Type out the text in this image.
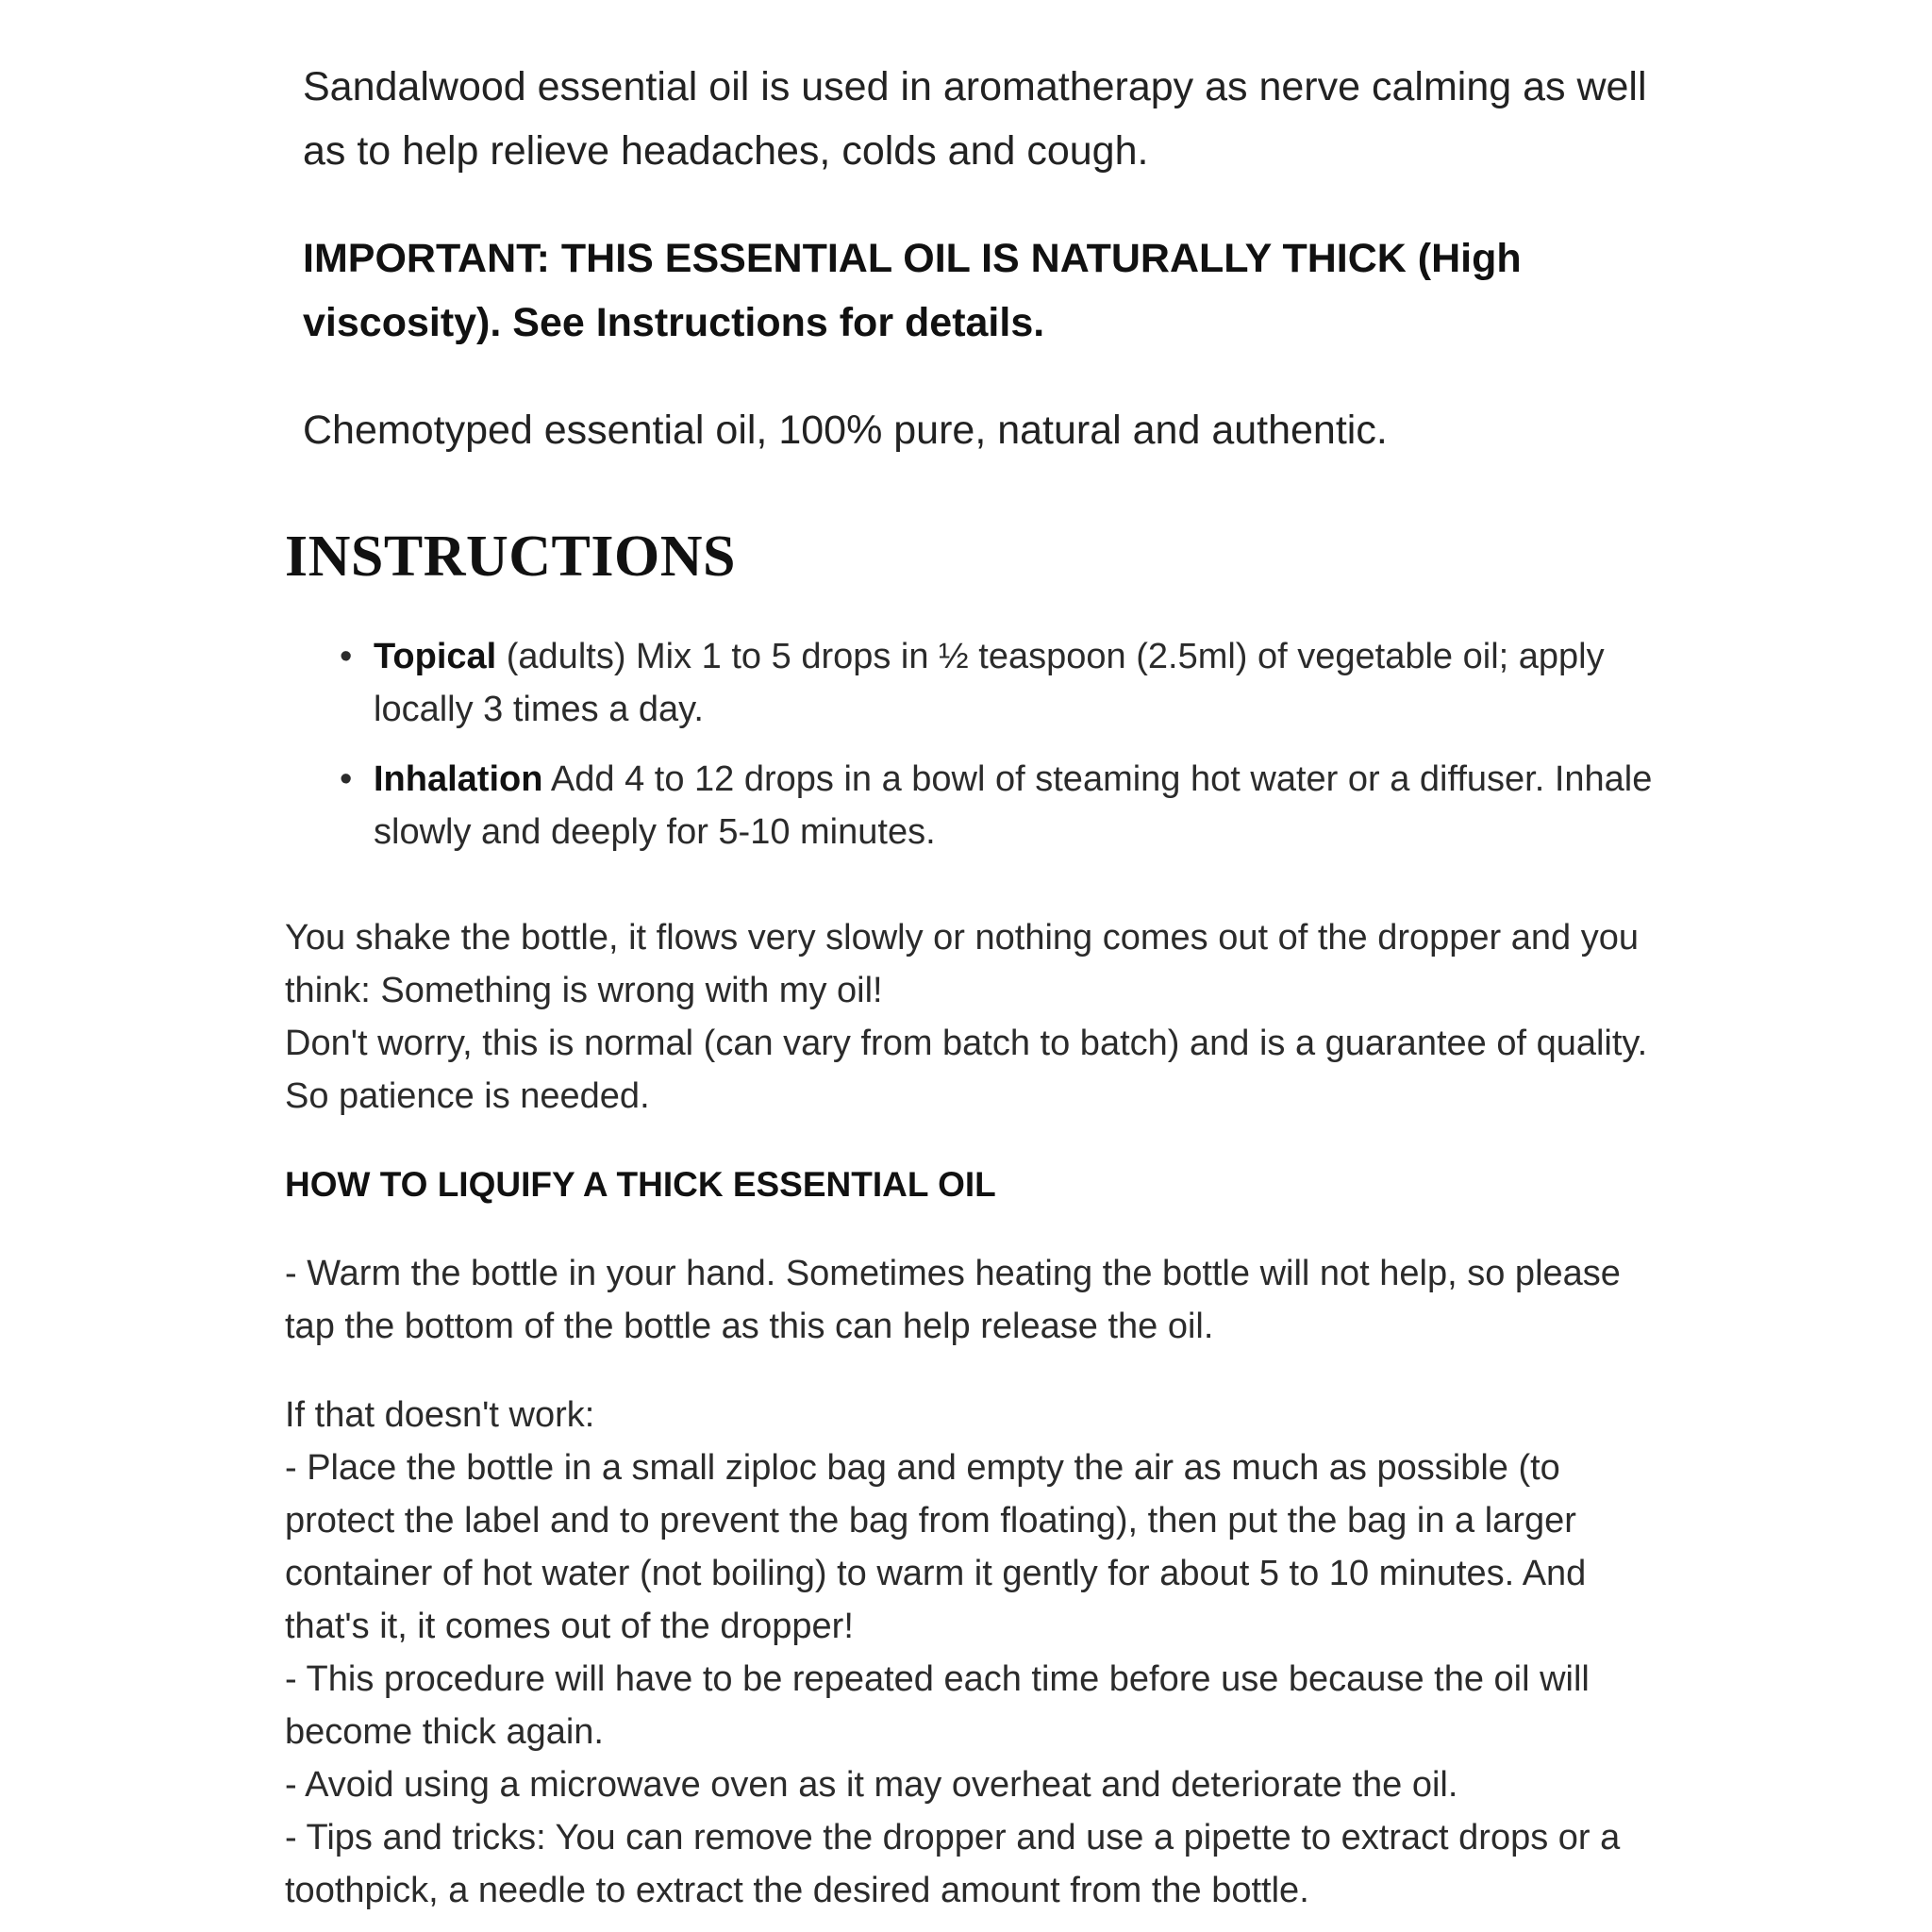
Sandalwood essential oil is used in aromatherapy as nerve calming as well as to help relieve headaches, colds and cough.

IMPORTANT: THIS ESSENTIAL OIL IS NATURALLY THICK (High viscosity). See Instructions for details.

Chemotyped essential oil, 100% pure, natural and authentic.

INSTRUCTIONS
• Topical (adults) Mix 1 to 5 drops in ½ teaspoon (2.5ml) of vegetable oil; apply locally 3 times a day.
• Inhalation Add 4 to 12 drops in a bowl of steaming hot water or a diffuser. Inhale slowly and deeply for 5-10 minutes.

You shake the bottle, it flows very slowly or nothing comes out of the dropper and you think: Something is wrong with my oil!

Don't worry, this is normal (can vary from batch to batch) and is a guarantee of quality. So patience is needed.

HOW TO LIQUIFY A THICK ESSENTIAL OIL

- Warm the bottle in your hand. Sometimes heating the bottle will not help, so please tap the bottom of the bottle as this can help release the oil.

If that doesn't work:

- Place the bottle in a small ziploc bag and empty the air as much as possible (to protect the label and to prevent the bag from floating), then put the bag in a larger container of hot water (not boiling) to warm it gently for about 5 to 10 minutes. And that's it, it comes out of the dropper!

- This procedure will have to be repeated each time before use because the oil will become thick again.

- Avoid using a microwave oven as it may overheat and deteriorate the oil.

- Tips and tricks: You can remove the dropper and use a pipette to extract drops or a toothpick, a needle to extract the desired amount from the bottle.
